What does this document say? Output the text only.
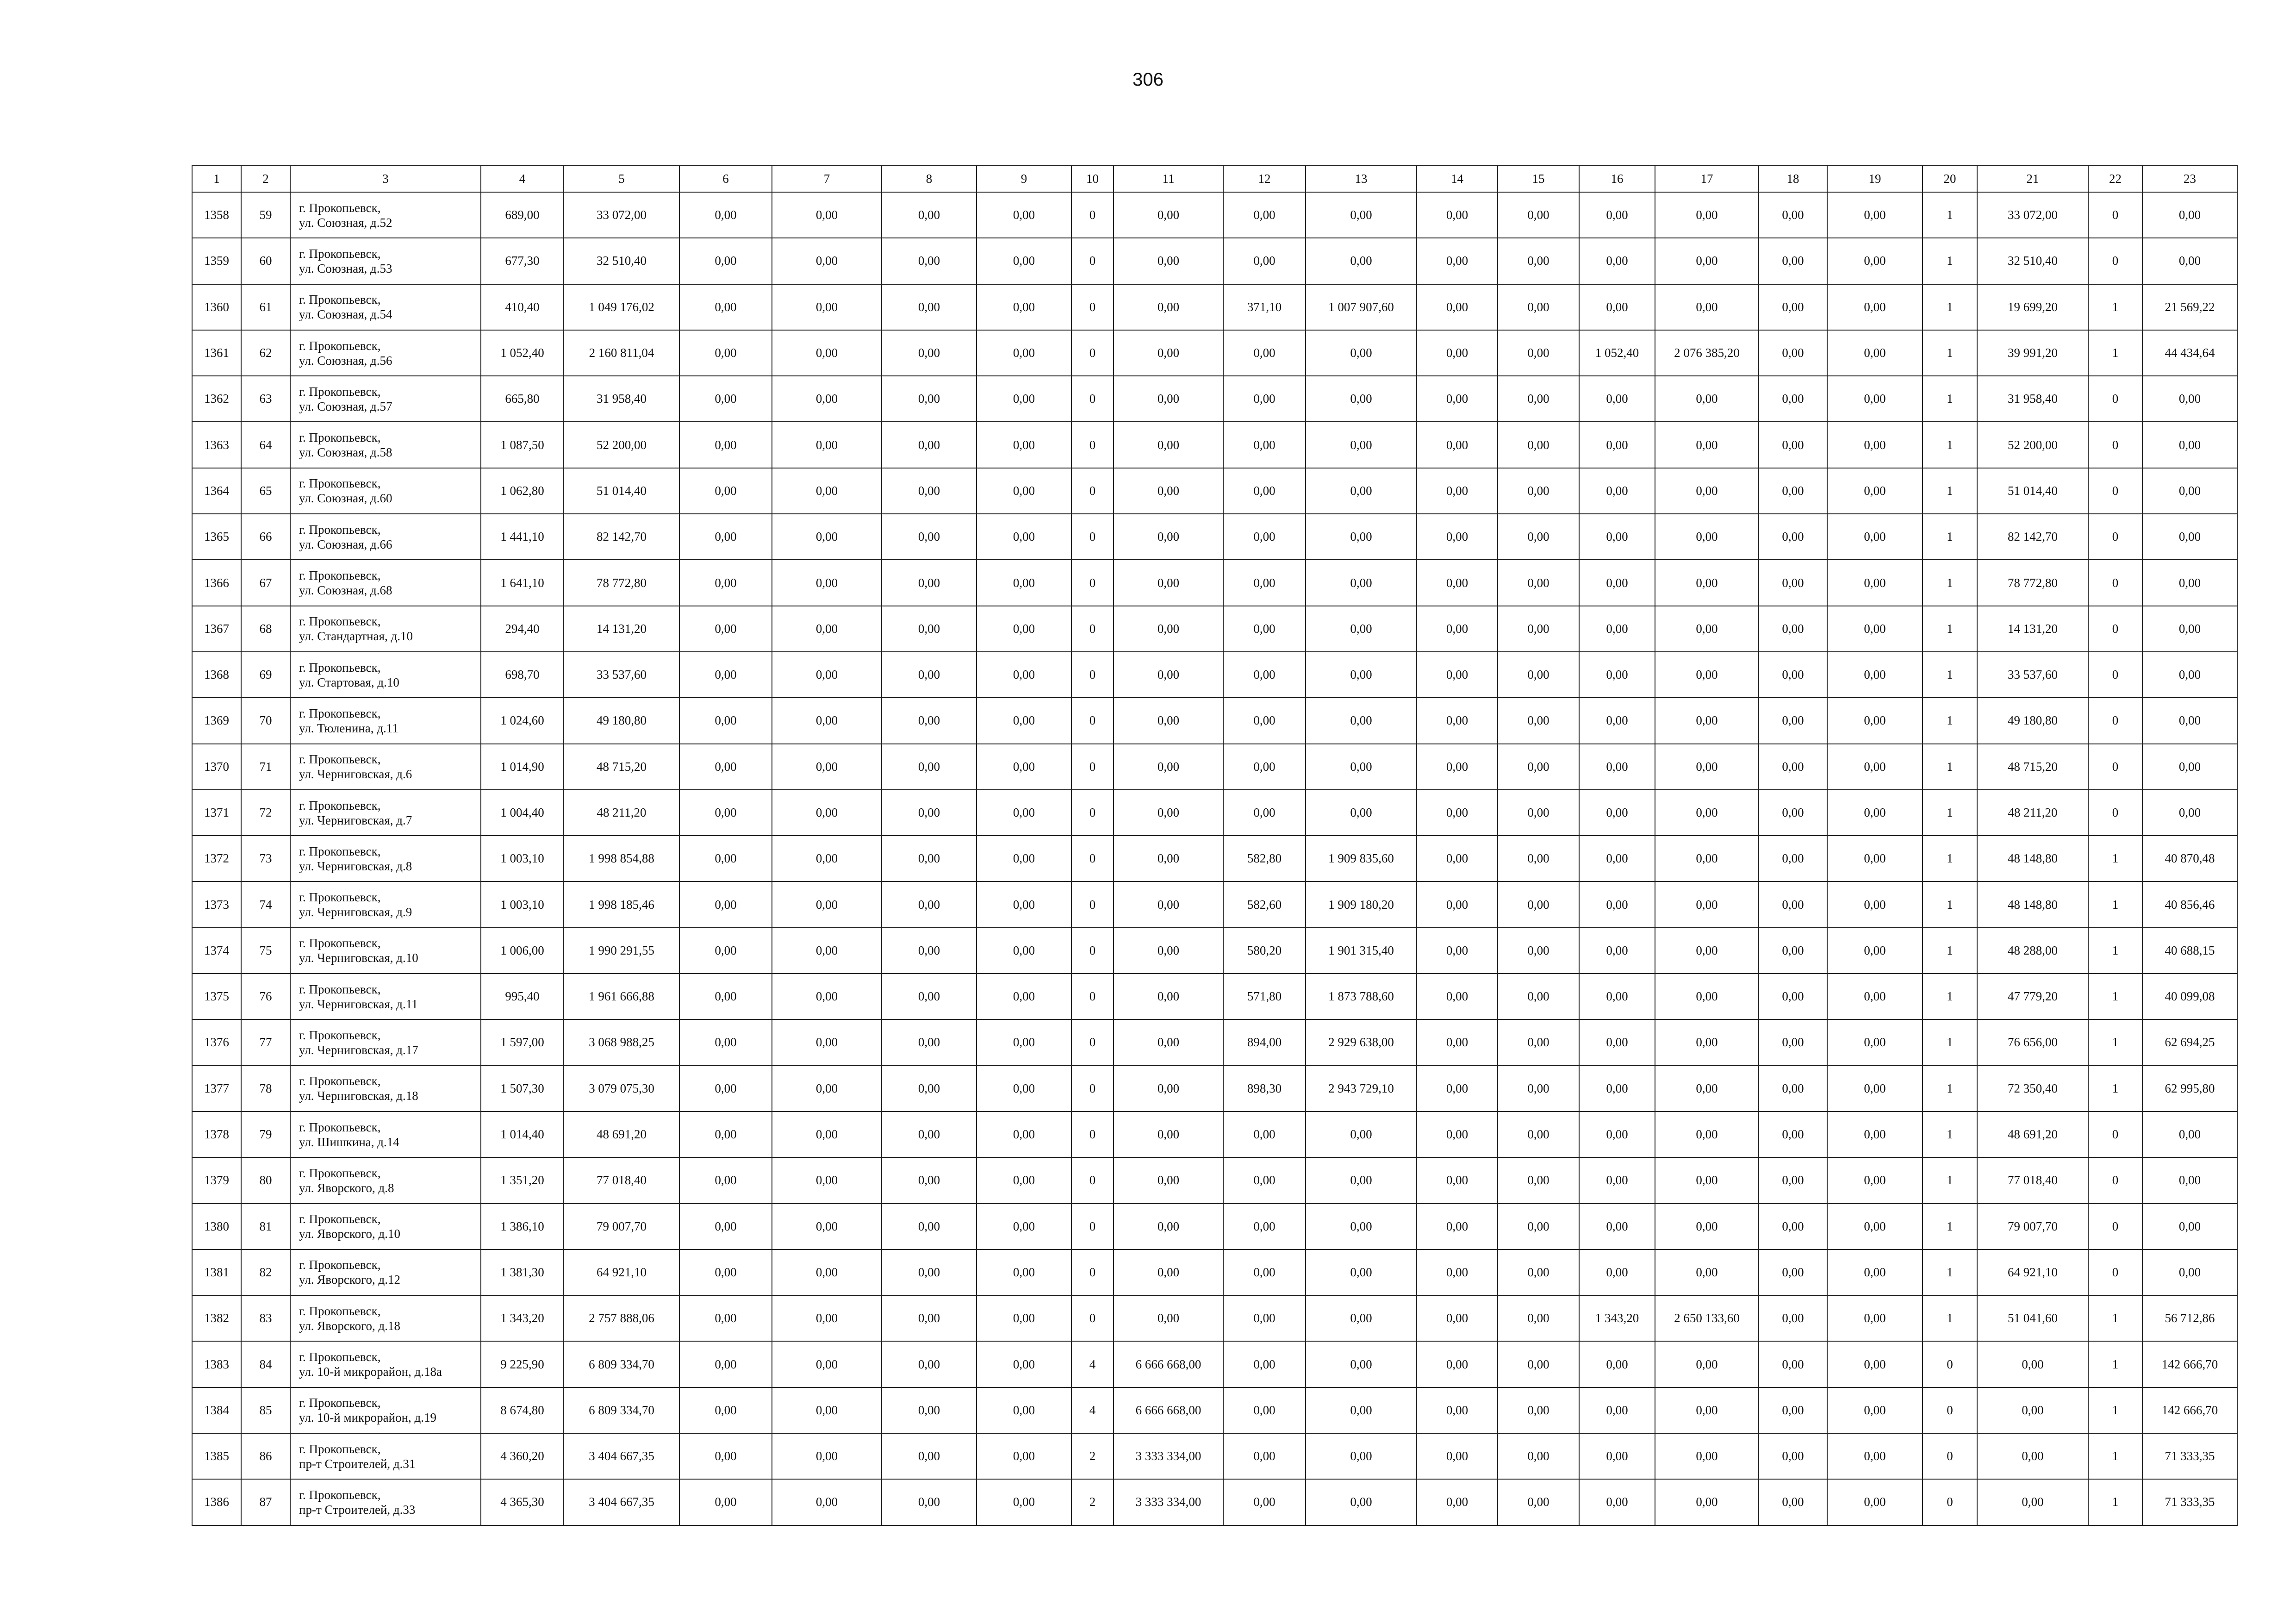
306
1	2	3	4	5	6	7	8	9	10	11	12	13	14	15	16	17	18	19	20	21	22	23
1358	59	г. Прокопьевск,
ул. Союзная, д.52	689,00	33 072,00	0,00	0,00	0,00	0,00	0	0,00	0,00	0,00	0,00	0,00	0,00	0,00	0,00	0,00	1	33 072,00	0	0,00
1359	60	г. Прокопьевск,
ул. Союзная, д.53	677,30	32 510,40	0,00	0,00	0,00	0,00	0	0,00	0,00	0,00	0,00	0,00	0,00	0,00	0,00	0,00	1	32 510,40	0	0,00
1360	61	г. Прокопьевск,
ул. Союзная, д.54	410,40	1 049 176,02	0,00	0,00	0,00	0,00	0	0,00	371,10	1 007 907,60	0,00	0,00	0,00	0,00	0,00	0,00	1	19 699,20	1	21 569,22
1361	62	г. Прокопьевск,
ул. Союзная, д.56	1 052,40	2 160 811,04	0,00	0,00	0,00	0,00	0	0,00	0,00	0,00	0,00	0,00	1 052,40	2 076 385,20	0,00	0,00	1	39 991,20	1	44 434,64
1362	63	г. Прокопьевск,
ул. Союзная, д.57	665,80	31 958,40	0,00	0,00	0,00	0,00	0	0,00	0,00	0,00	0,00	0,00	0,00	0,00	0,00	0,00	1	31 958,40	0	0,00
1363	64	г. Прокопьевск,
ул. Союзная, д.58	1 087,50	52 200,00	0,00	0,00	0,00	0,00	0	0,00	0,00	0,00	0,00	0,00	0,00	0,00	0,00	0,00	1	52 200,00	0	0,00
1364	65	г. Прокопьевск,
ул. Союзная, д.60	1 062,80	51 014,40	0,00	0,00	0,00	0,00	0	0,00	0,00	0,00	0,00	0,00	0,00	0,00	0,00	0,00	1	51 014,40	0	0,00
1365	66	г. Прокопьевск,
ул. Союзная, д.66	1 441,10	82 142,70	0,00	0,00	0,00	0,00	0	0,00	0,00	0,00	0,00	0,00	0,00	0,00	0,00	0,00	1	82 142,70	0	0,00
1366	67	г. Прокопьевск,
ул. Союзная, д.68	1 641,10	78 772,80	0,00	0,00	0,00	0,00	0	0,00	0,00	0,00	0,00	0,00	0,00	0,00	0,00	0,00	1	78 772,80	0	0,00
1367	68	г. Прокопьевск,
ул. Стандартная, д.10	294,40	14 131,20	0,00	0,00	0,00	0,00	0	0,00	0,00	0,00	0,00	0,00	0,00	0,00	0,00	0,00	1	14 131,20	0	0,00
1368	69	г. Прокопьевск,
ул. Стартовая, д.10	698,70	33 537,60	0,00	0,00	0,00	0,00	0	0,00	0,00	0,00	0,00	0,00	0,00	0,00	0,00	0,00	1	33 537,60	0	0,00
1369	70	г. Прокопьевск,
ул. Тюленина, д.11	1 024,60	49 180,80	0,00	0,00	0,00	0,00	0	0,00	0,00	0,00	0,00	0,00	0,00	0,00	0,00	0,00	1	49 180,80	0	0,00
1370	71	г. Прокопьевск,
ул. Черниговская, д.6	1 014,90	48 715,20	0,00	0,00	0,00	0,00	0	0,00	0,00	0,00	0,00	0,00	0,00	0,00	0,00	0,00	1	48 715,20	0	0,00
1371	72	г. Прокопьевск,
ул. Черниговская, д.7	1 004,40	48 211,20	0,00	0,00	0,00	0,00	0	0,00	0,00	0,00	0,00	0,00	0,00	0,00	0,00	0,00	1	48 211,20	0	0,00
1372	73	г. Прокопьевск,
ул. Черниговская, д.8	1 003,10	1 998 854,88	0,00	0,00	0,00	0,00	0	0,00	582,80	1 909 835,60	0,00	0,00	0,00	0,00	0,00	0,00	1	48 148,80	1	40 870,48
1373	74	г. Прокопьевск,
ул. Черниговская, д.9	1 003,10	1 998 185,46	0,00	0,00	0,00	0,00	0	0,00	582,60	1 909 180,20	0,00	0,00	0,00	0,00	0,00	0,00	1	48 148,80	1	40 856,46
1374	75	г. Прокопьевск,
ул. Черниговская, д.10	1 006,00	1 990 291,55	0,00	0,00	0,00	0,00	0	0,00	580,20	1 901 315,40	0,00	0,00	0,00	0,00	0,00	0,00	1	48 288,00	1	40 688,15
1375	76	г. Прокопьевск,
ул. Черниговская, д.11	995,40	1 961 666,88	0,00	0,00	0,00	0,00	0	0,00	571,80	1 873 788,60	0,00	0,00	0,00	0,00	0,00	0,00	1	47 779,20	1	40 099,08
1376	77	г. Прокопьевск,
ул. Черниговская, д.17	1 597,00	3 068 988,25	0,00	0,00	0,00	0,00	0	0,00	894,00	2 929 638,00	0,00	0,00	0,00	0,00	0,00	0,00	1	76 656,00	1	62 694,25
1377	78	г. Прокопьевск,
ул. Черниговская, д.18	1 507,30	3 079 075,30	0,00	0,00	0,00	0,00	0	0,00	898,30	2 943 729,10	0,00	0,00	0,00	0,00	0,00	0,00	1	72 350,40	1	62 995,80
1378	79	г. Прокопьевск,
ул. Шишкина, д.14	1 014,40	48 691,20	0,00	0,00	0,00	0,00	0	0,00	0,00	0,00	0,00	0,00	0,00	0,00	0,00	0,00	1	48 691,20	0	0,00
1379	80	г. Прокопьевск,
ул. Яворского, д.8	1 351,20	77 018,40	0,00	0,00	0,00	0,00	0	0,00	0,00	0,00	0,00	0,00	0,00	0,00	0,00	0,00	1	77 018,40	0	0,00
1380	81	г. Прокопьевск,
ул. Яворского, д.10	1 386,10	79 007,70	0,00	0,00	0,00	0,00	0	0,00	0,00	0,00	0,00	0,00	0,00	0,00	0,00	0,00	1	79 007,70	0	0,00
1381	82	г. Прокопьевск,
ул. Яворского, д.12	1 381,30	64 921,10	0,00	0,00	0,00	0,00	0	0,00	0,00	0,00	0,00	0,00	0,00	0,00	0,00	0,00	1	64 921,10	0	0,00
1382	83	г. Прокопьевск,
ул. Яворского, д.18	1 343,20	2 757 888,06	0,00	0,00	0,00	0,00	0	0,00	0,00	0,00	0,00	0,00	1 343,20	2 650 133,60	0,00	0,00	1	51 041,60	1	56 712,86
1383	84	г. Прокопьевск,
ул. 10-й микрорайон, д.18а	9 225,90	6 809 334,70	0,00	0,00	0,00	0,00	4	6 666 668,00	0,00	0,00	0,00	0,00	0,00	0,00	0,00	0,00	0	0,00	1	142 666,70
1384	85	г. Прокопьевск,
ул. 10-й микрорайон, д.19	8 674,80	6 809 334,70	0,00	0,00	0,00	0,00	4	6 666 668,00	0,00	0,00	0,00	0,00	0,00	0,00	0,00	0,00	0	0,00	1	142 666,70
1385	86	г. Прокопьевск,
пр-т Строителей, д.31	4 360,20	3 404 667,35	0,00	0,00	0,00	0,00	2	3 333 334,00	0,00	0,00	0,00	0,00	0,00	0,00	0,00	0,00	0	0,00	1	71 333,35
1386	87	г. Прокопьевск,
пр-т Строителей, д.33	4 365,30	3 404 667,35	0,00	0,00	0,00	0,00	2	3 333 334,00	0,00	0,00	0,00	0,00	0,00	0,00	0,00	0,00	0	0,00	1	71 333,35
